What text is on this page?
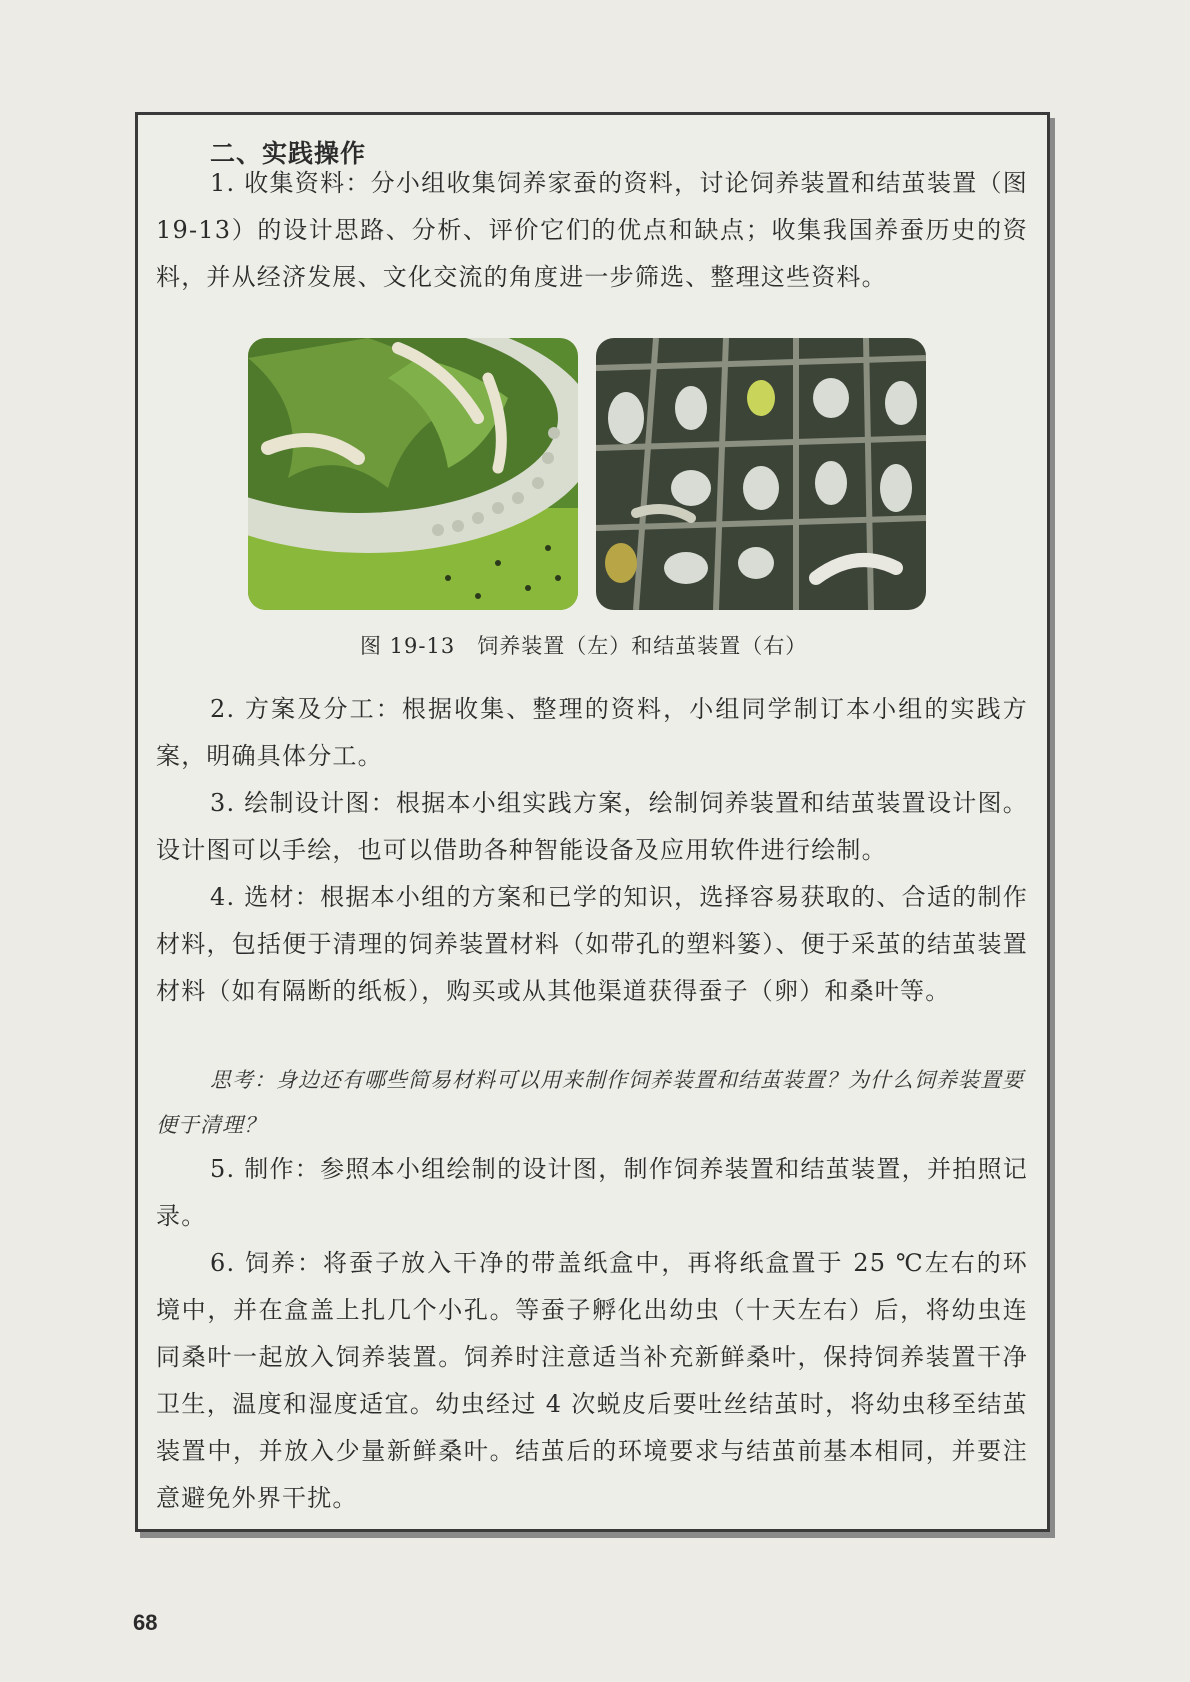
二、实践操作

1. 收集资料：分小组收集饲养家蚕的资料，讨论饲养装置和结茧装置（图 19-13）的设计思路、分析、评价它们的优点和缺点；收集我国养蚕历史的资料，并从经济发展、文化交流的角度进一步筛选、整理这些资料。

图 19-13　饲养装置（左）和结茧装置（右）

2. 方案及分工：根据收集、整理的资料，小组同学制订本小组的实践方案，明确具体分工。

3. 绘制设计图：根据本小组实践方案，绘制饲养装置和结茧装置设计图。设计图可以手绘，也可以借助各种智能设备及应用软件进行绘制。

4. 选材：根据本小组的方案和已学的知识，选择容易获取的、合适的制作材料，包括便于清理的饲养装置材料（如带孔的塑料篓）、便于采茧的结茧装置材料（如有隔断的纸板），购买或从其他渠道获得蚕子（卵）和桑叶等。

思考：身边还有哪些简易材料可以用来制作饲养装置和结茧装置？为什么饲养装置要便于清理？

5. 制作：参照本小组绘制的设计图，制作饲养装置和结茧装置，并拍照记录。

6. 饲养：将蚕子放入干净的带盖纸盒中，再将纸盒置于 25 ℃左右的环境中，并在盒盖上扎几个小孔。等蚕子孵化出幼虫（十天左右）后，将幼虫连同桑叶一起放入饲养装置。饲养时注意适当补充新鲜桑叶，保持饲养装置干净卫生，温度和湿度适宜。幼虫经过 4 次蜕皮后要吐丝结茧时，将幼虫移至结茧装置中，并放入少量新鲜桑叶。结茧后的环境要求与结茧前基本相同，并要注意避免外界干扰。

68
